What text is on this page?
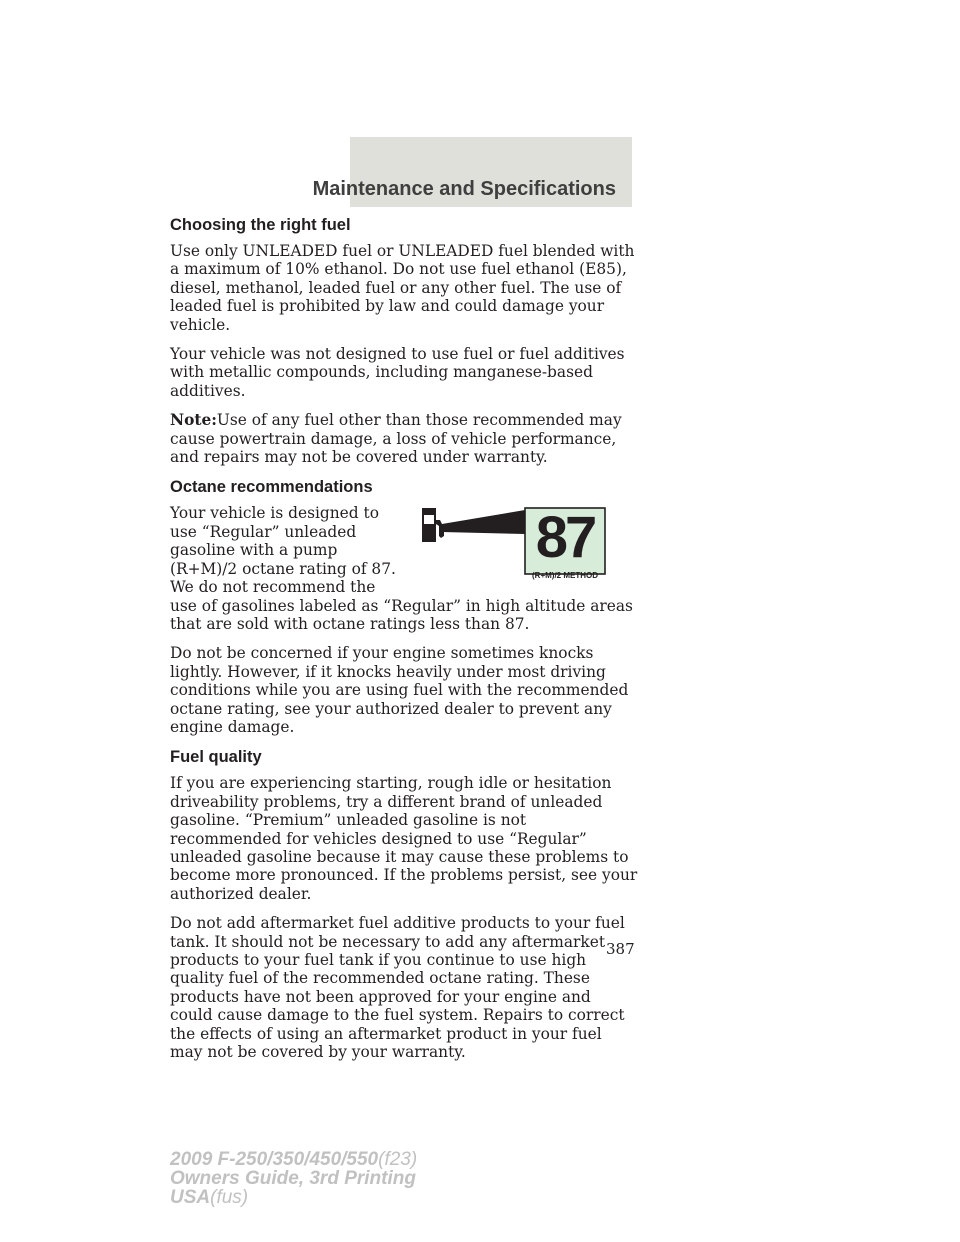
Maintenance and Specifications
Choosing the right fuel

Use only UNLEADED fuel or UNLEADED fuel blended with a maximum of 10% ethanol. Do not use fuel ethanol (E85), diesel, methanol, leaded fuel or any other fuel. The use of leaded fuel is prohibited by law and could damage your vehicle.

Your vehicle was not designed to use fuel or fuel additives with metallic compounds, including manganese-based additives.

Note:Use of any fuel other than those recommended may cause powertrain damage, a loss of vehicle performance, and repairs may not be covered under warranty.

Octane recommendations
87
(R+M)/2 METHOD

Your vehicle is designed to use “Regular” unleaded gasoline with a pump (R+M)/2 octane rating of 87. We do not recommend the use of gasolines labeled as “Regular” in high altitude areas that are sold with octane ratings less than 87.

Do not be concerned if your engine sometimes knocks lightly. However, if it knocks heavily under most driving conditions while you are using fuel with the recommended octane rating, see your authorized dealer to prevent any engine damage.

Fuel quality

If you are experiencing starting, rough idle or hesitation driveability problems, try a different brand of unleaded gasoline. “Premium” unleaded gasoline is not recommended for vehicles designed to use “Regular” unleaded gasoline because it may cause these problems to become more pronounced. If the problems persist, see your authorized dealer.

Do not add aftermarket fuel additive products to your fuel tank. It should not be necessary to add any aftermarket products to your fuel tank if you continue to use high quality fuel of the recommended octane rating. These products have not been approved for your engine and could cause damage to the fuel system. Repairs to correct the effects of using an aftermarket product in your fuel may not be covered by your warranty.

387
2009 F-250/350/450/550(f23)
Owners Guide, 3rd Printing
USA(fus)
